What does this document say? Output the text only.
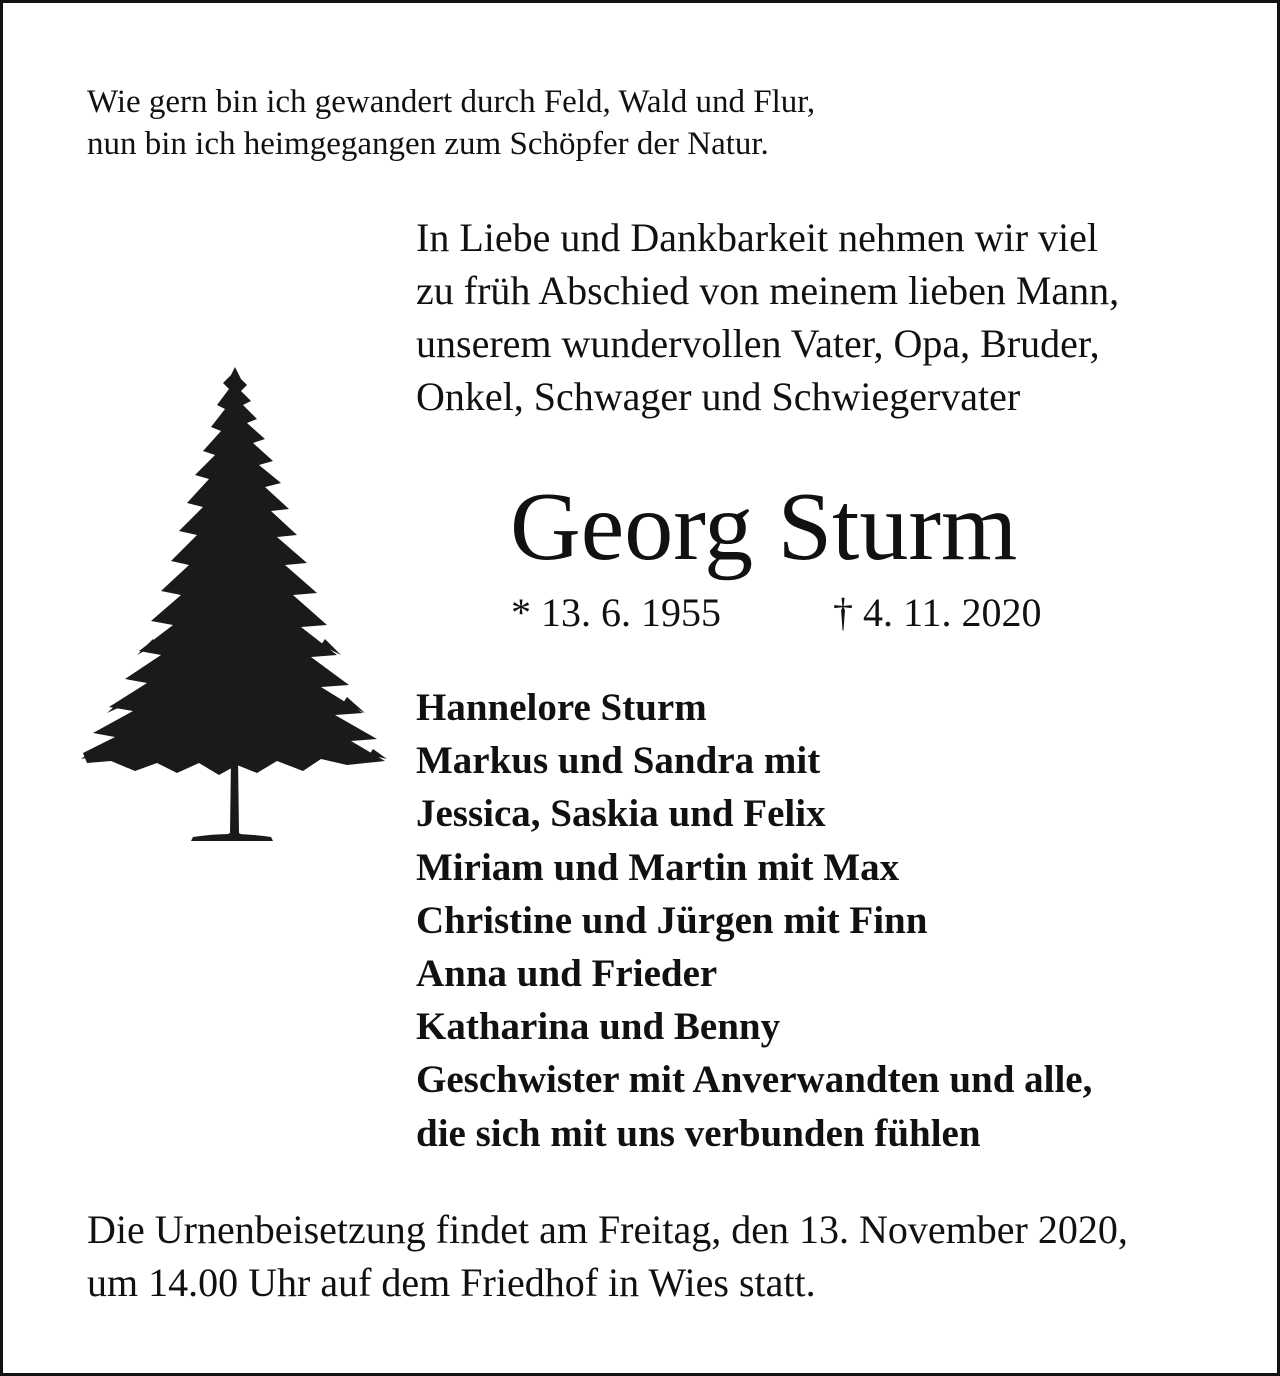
Wie gern bin ich gewandert durch Feld, Wald und Flur,
nun bin ich heimgegangen zum Schöpfer der Natur.
In Liebe und Dankbarkeit nehmen wir viel
zu früh Abschied von meinem lieben Mann,
unserem wundervollen Vater, Opa, Bruder,
Onkel, Schwager und Schwiegervater
Georg Sturm
* 13. 6. 1955	† 4. 11. 2020
Hannelore Sturm
Markus und Sandra mit
Jessica, Saskia und Felix
Miriam und Martin mit Max
Christine und Jürgen mit Finn
Anna und Frieder
Katharina und Benny
Geschwister mit Anverwandten und alle,
die sich mit uns verbunden fühlen
Die Urnenbeisetzung findet am Freitag, den 13. November 2020,
um 14.00 Uhr auf dem Friedhof in Wies statt.
